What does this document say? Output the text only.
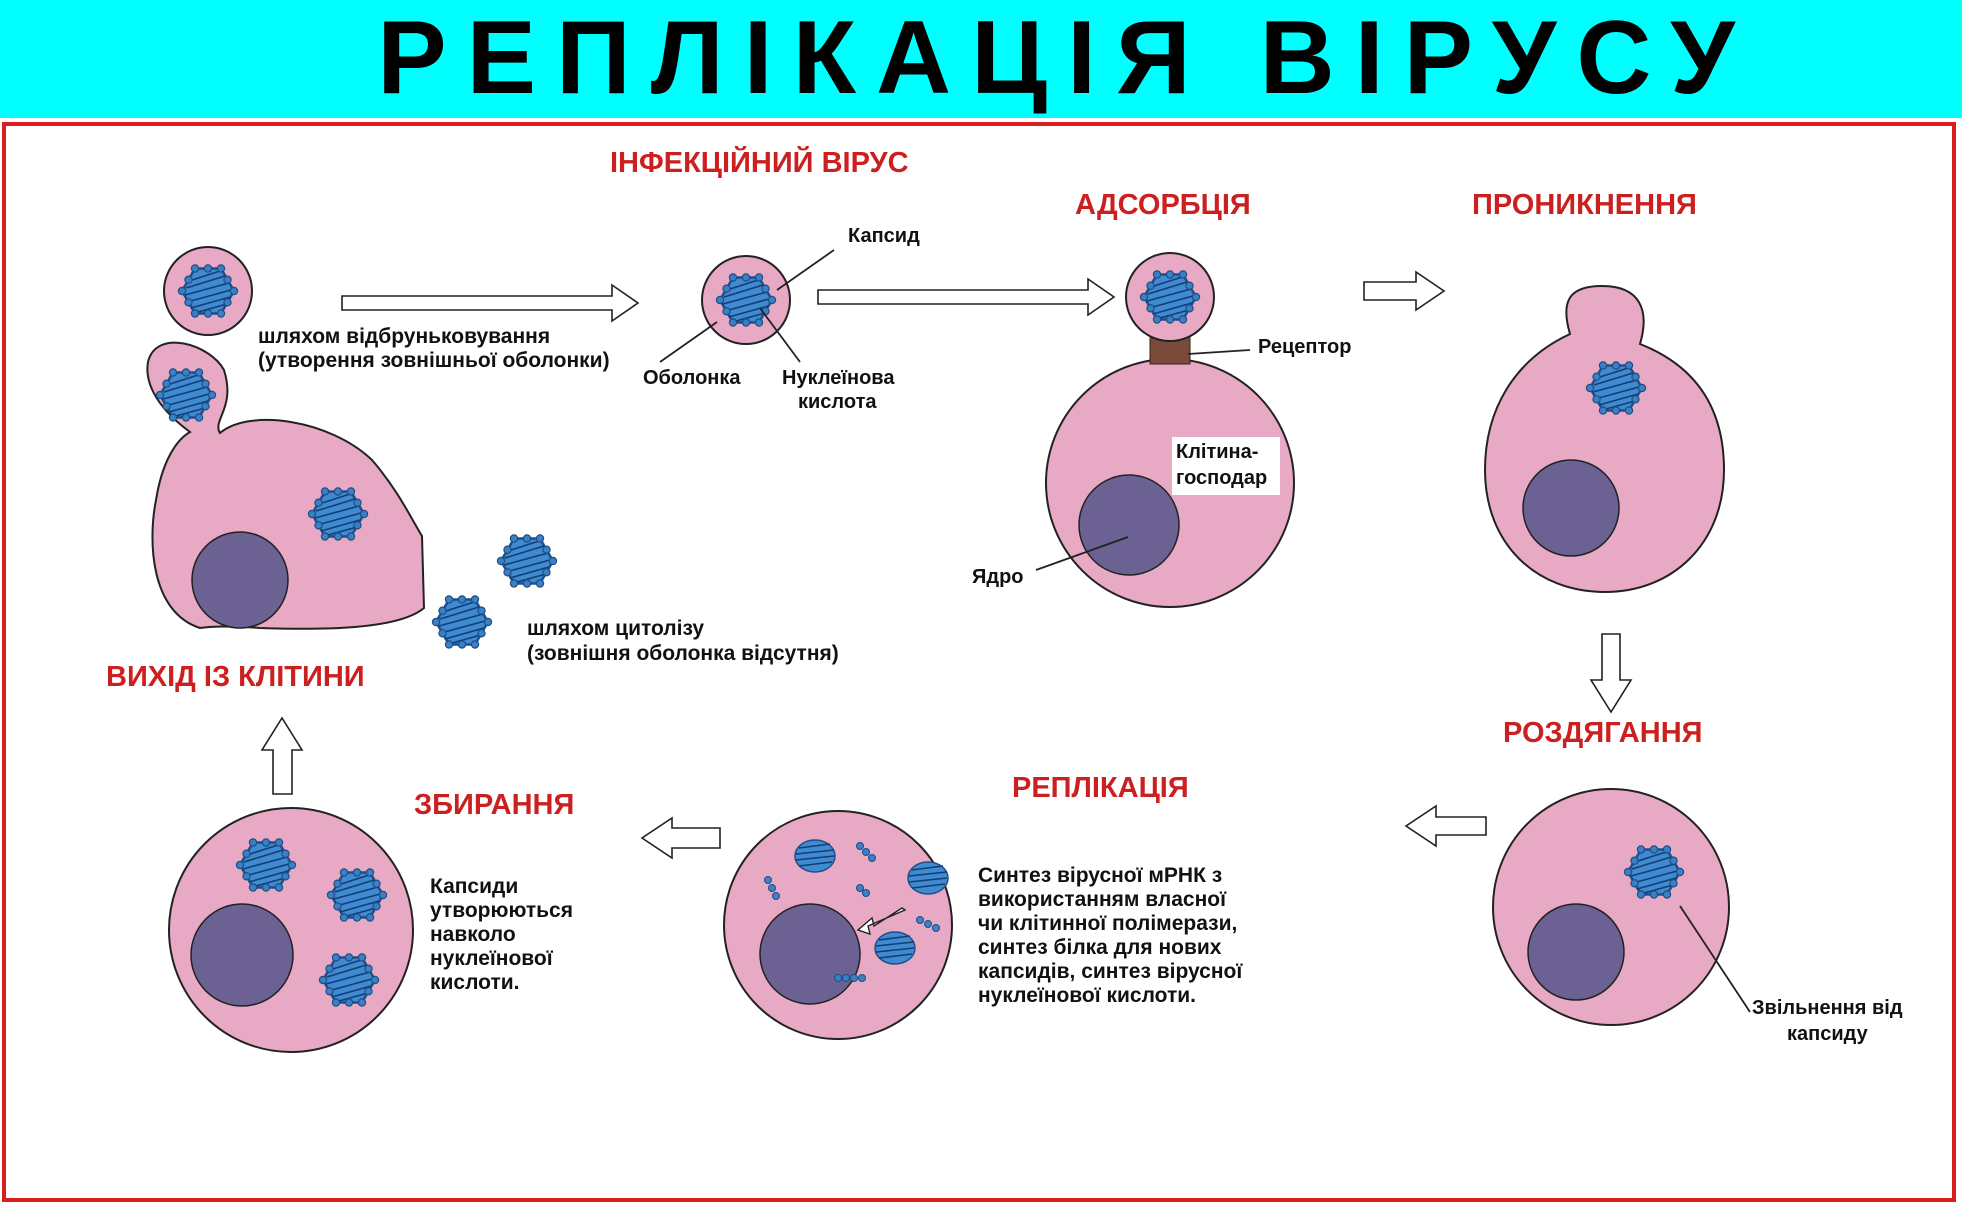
РЕПЛІКАЦІЯ ВІРУСУ
ІНФЕКЦІЙНИЙ ВІРУС
АДСОРБЦІЯ	ПРОНИКНЕННЯ
РОЗДЯГАННЯ
РЕПЛІКАЦІЯ
ЗБИРАННЯ
ВИХІД ІЗ КЛІТИНИ
шляхом відбруньковування
(утворення зовнішньої оболонки)
шляхом цитолізу
(зовнішня оболонка відсутня)
Капсид
Оболонка Нуклеїнова
кислота
Рецептор
Клітина-
господар
Ядро
Звільнення від
капсиду
Синтез вірусної мРНК з
використанням власної
чи клітинної полімерази,
синтез білка для нових
капсидів, синтез вірусної
нуклеїнової кислоти.
Капсиди
утворюються
навколо
нуклеїнової
кислоти.
